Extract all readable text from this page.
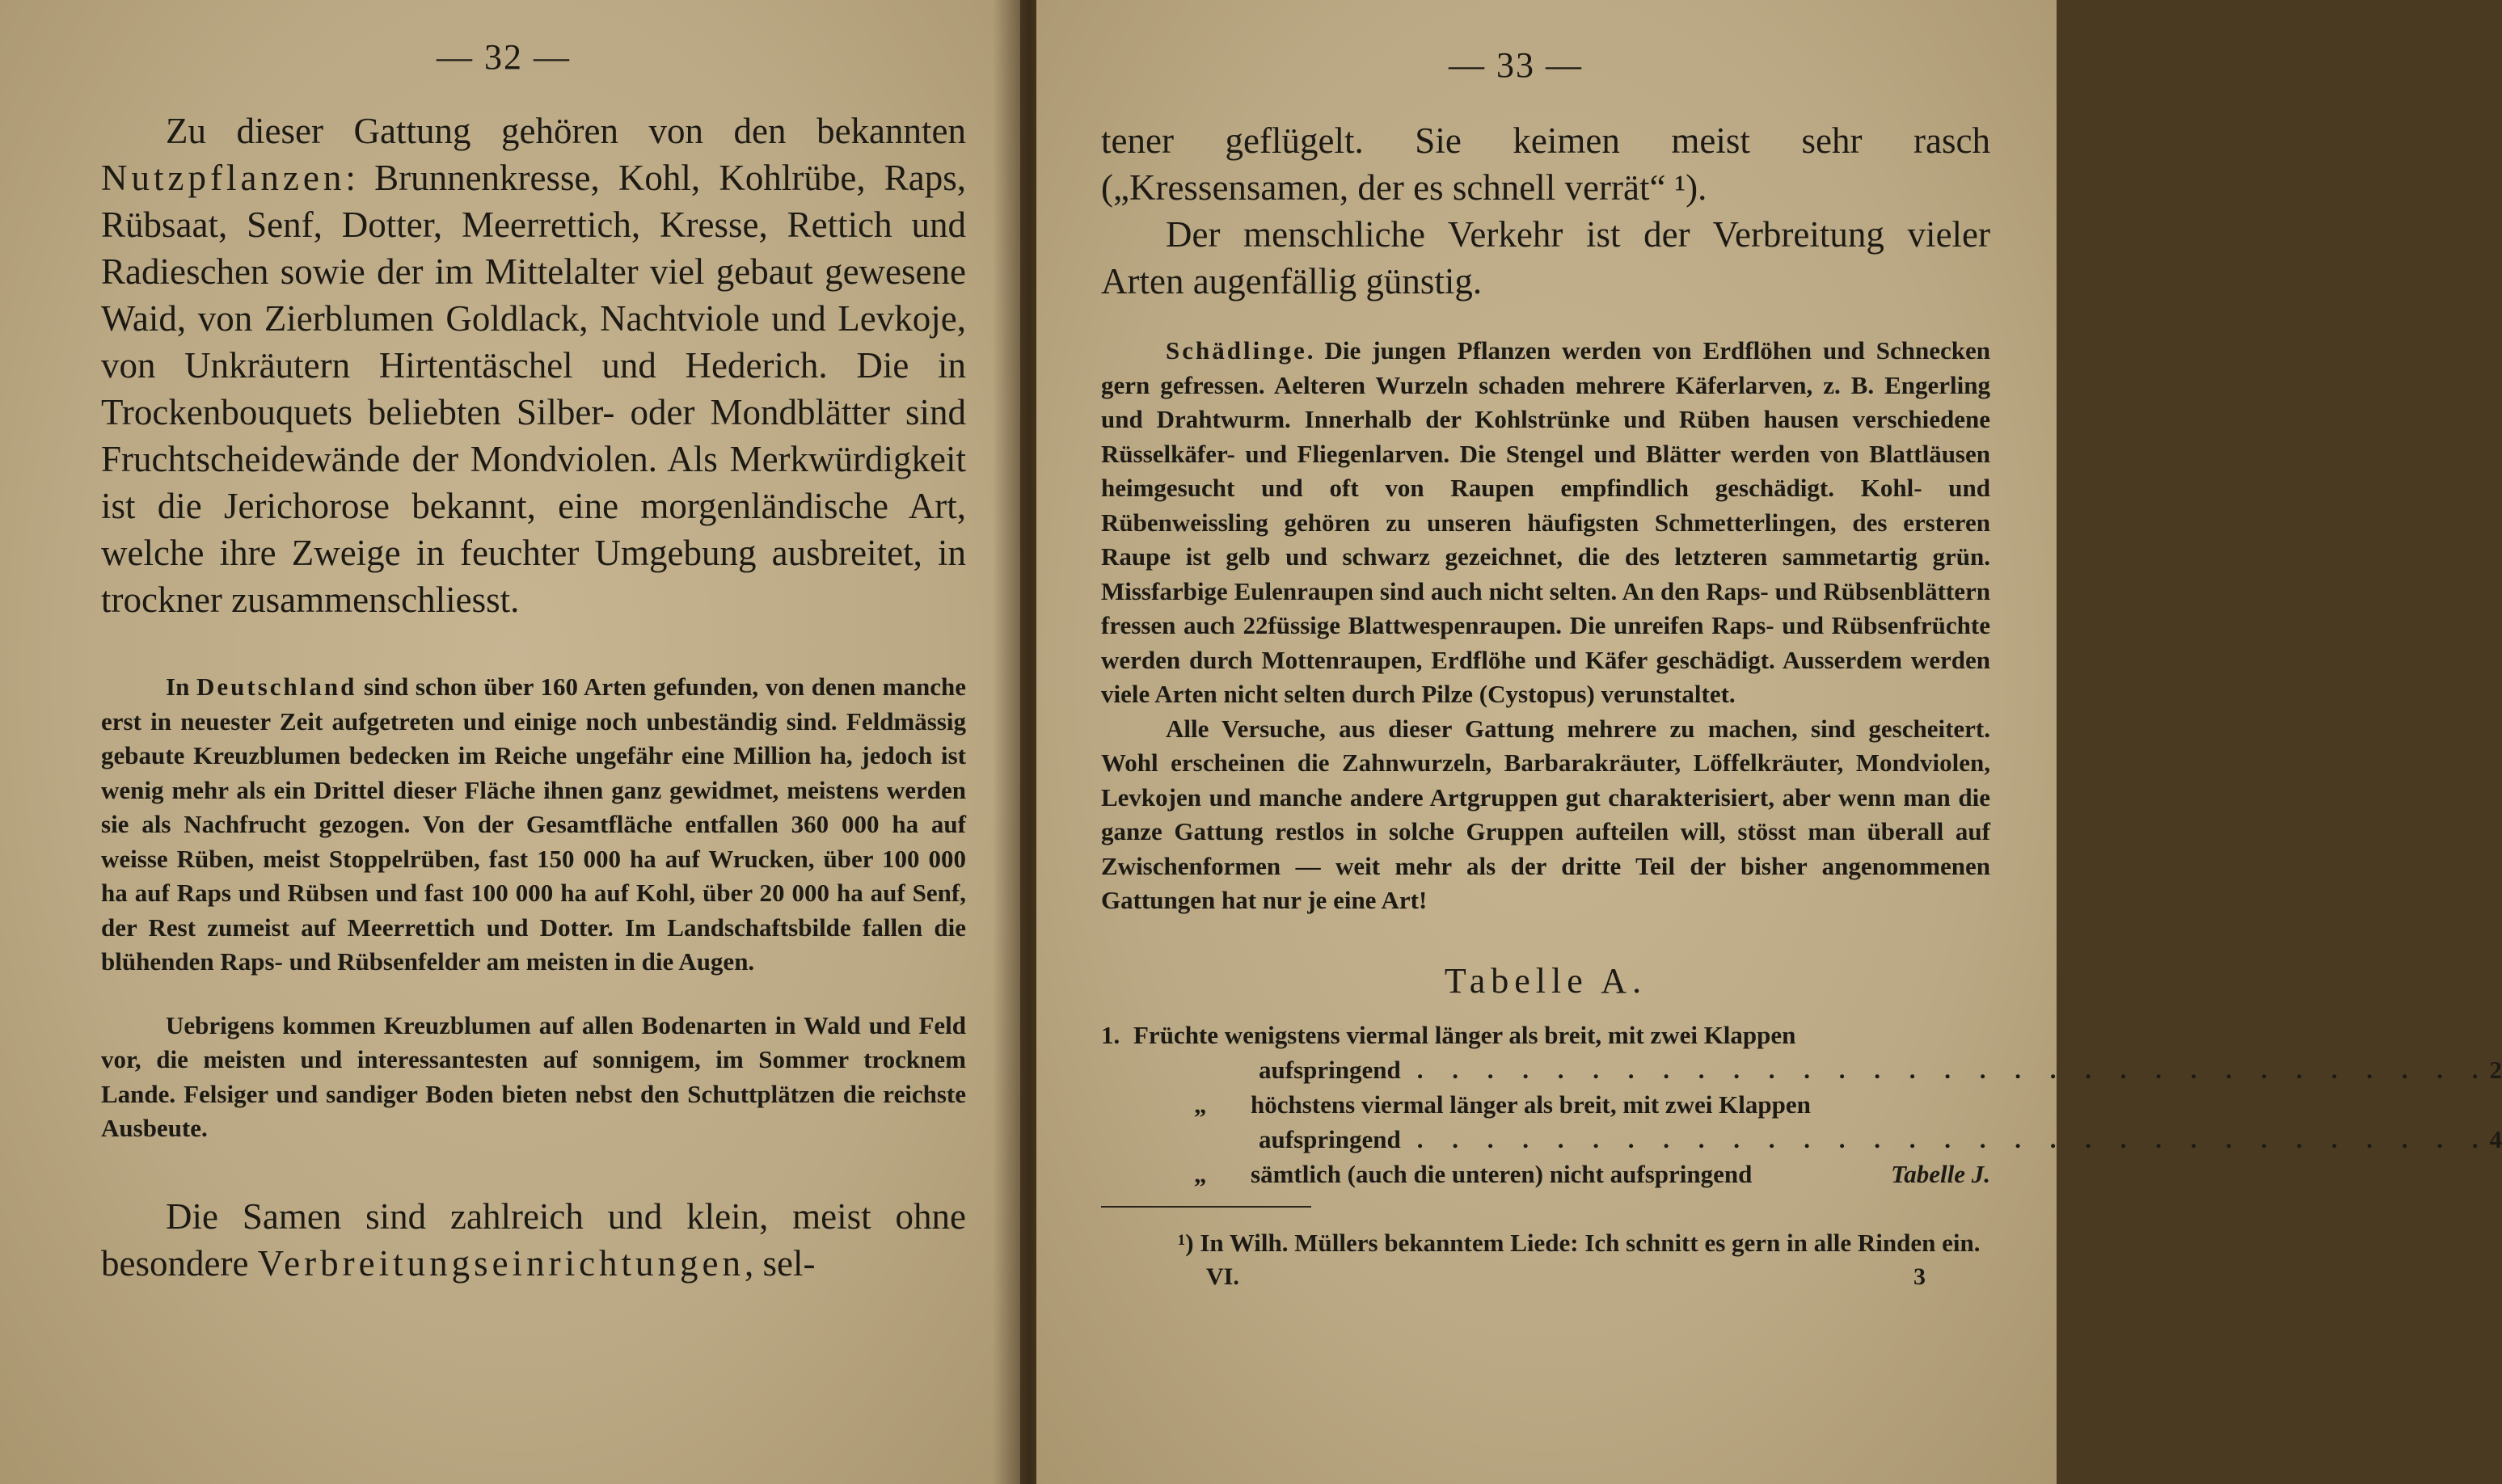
— 32 —

Zu dieser Gattung gehören von den bekannten Nutzpflanzen: Brunnenkresse, Kohl, Kohlrübe, Raps, Rübsaat, Senf, Dotter, Meerrettich, Kresse, Rettich und Radieschen sowie der im Mittelalter viel gebaut gewesene Waid, von Zierblumen Goldlack, Nachtviole und Levkoje, von Unkräutern Hirtentäschel und Hederich. Die in Trockenbouquets beliebten Silber- oder Mondblätter sind Fruchtscheidewände der Mondviolen. Als Merkwürdigkeit ist die Jerichorose bekannt, eine morgenländische Art, welche ihre Zweige in feuchter Umgebung ausbreitet, in trockner zusammenschliesst.

In Deutschland sind schon über 160 Arten gefunden, von denen manche erst in neuester Zeit aufgetreten und einige noch unbeständig sind. Feldmässig gebaute Kreuzblumen bedecken im Reiche ungefähr eine Million ha, jedoch ist wenig mehr als ein Drittel dieser Fläche ihnen ganz gewidmet, meistens werden sie als Nachfrucht gezogen. Von der Gesamtfläche entfallen 360 000 ha auf weisse Rüben, meist Stoppelrüben, fast 150 000 ha auf Wrucken, über 100 000 ha auf Raps und Rübsen und fast 100 000 ha auf Kohl, über 20 000 ha auf Senf, der Rest zumeist auf Meerrettich und Dotter. Im Landschaftsbilde fallen die blühenden Raps- und Rübsenfelder am meisten in die Augen.

Uebrigens kommen Kreuzblumen auf allen Bodenarten in Wald und Feld vor, die meisten und interessantesten auf sonnigem, im Sommer trocknem Lande. Felsiger und sandiger Boden bieten nebst den Schuttplätzen die reichste Ausbeute.

Die Samen sind zahlreich und klein, meist ohne besondere Verbreitungseinrichtungen, sel-

— 33 —

tener geflügelt. Sie keimen meist sehr rasch („Kressensamen, der es schnell verrät“ ¹).

Der menschliche Verkehr ist der Verbreitung vieler Arten augenfällig günstig.

Schädlinge. Die jungen Pflanzen werden von Erdflöhen und Schnecken gern gefressen. Aelteren Wurzeln schaden mehrere Käferlarven, z. B. Engerling und Drahtwurm. Innerhalb der Kohlstrünke und Rüben hausen verschiedene Rüsselkäfer- und Fliegenlarven. Die Stengel und Blätter werden von Blattläusen heimgesucht und oft von Raupen empfindlich geschädigt. Kohl- und Rübenweissling gehören zu unseren häufigsten Schmetterlingen, des ersteren Raupe ist gelb und schwarz gezeichnet, die des letzteren sammetartig grün. Missfarbige Eulenraupen sind auch nicht selten. An den Raps- und Rübsenblättern fressen auch 22füssige Blattwespenraupen. Die unreifen Raps- und Rübsenfrüchte werden durch Mottenraupen, Erdflöhe und Käfer geschädigt. Ausserdem werden viele Arten nicht selten durch Pilze (Cystopus) verunstaltet.

Alle Versuche, aus dieser Gattung mehrere zu machen, sind gescheitert. Wohl erscheinen die Zahnwurzeln, Barbarakräuter, Löffelkräuter, Mondviolen, Levkojen und manche andere Artgruppen gut charakterisiert, aber wenn man die ganze Gattung restlos in solche Gruppen aufteilen will, stösst man überall auf Zwischenformen — weit mehr als der dritte Teil der bisher angenommenen Gattungen hat nur je eine Art!

Tabelle A.
1. Früchte wenigstens viermal länger als breit, mit zwei Klappen
aufspringend . . . . . . . . . . . . . . . . . . . . . . . . . . . . . . . 2
„	höchstens viermal länger als breit, mit zwei Klappen
aufspringend . . . . . . . . . . . . . . . . . . . . . . . . . . . . . . . 4
„	sämtlich (auch die unteren) nicht aufspringend	Tabelle J.

¹) In Wilh. Müllers bekanntem Liede: Ich schnitt es gern in alle Rinden ein.

VI.	3
